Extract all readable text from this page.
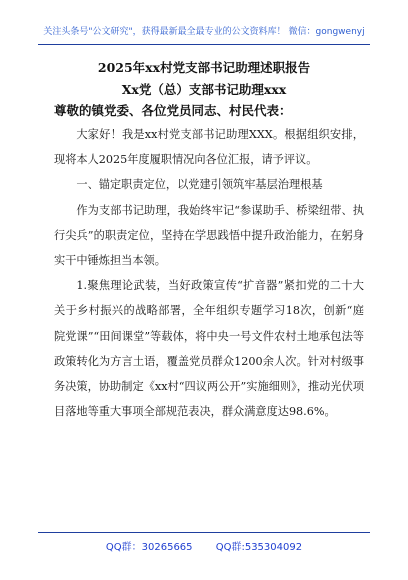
关注头条号"公文研究"，获得最新最全最专业的公文资料库！ 微信：gongwenyj
2025年xx村党支部书记助理述职报告
Xx党（总）支部书记助理xxx
尊敬的镇党委、各位党员同志、村民代表：

大家好！我是xx村党支部书记助理XXX。根据组织安排，现将本人2025年度履职情况向各位汇报，请予评议。

一、锚定职责定位，以党建引领筑牢基层治理根基

作为支部书记助理，我始终牢记“参谋助手、桥梁纽带、执行尖兵”的职责定位，坚持在学思践悟中提升政治能力，在躬身实干中锤炼担当本领。

1.聚焦理论武装，当好政策宣传“扩音器”紧扣党的二十大关于乡村振兴的战略部署，全年组织专题学习18次，创新“庭院党课”“田间课堂”等载体，将中央一号文件农村土地承包法等政策转化为方言土语，覆盖党员群众1200余人次。针对村级事务决策，协助制定《xx村“四议两公开”实施细则》，推动光伏项目落地等重大事项全部规范表决，群众满意度达98.6%。

QQ群：30265665 QQ群:535304092
